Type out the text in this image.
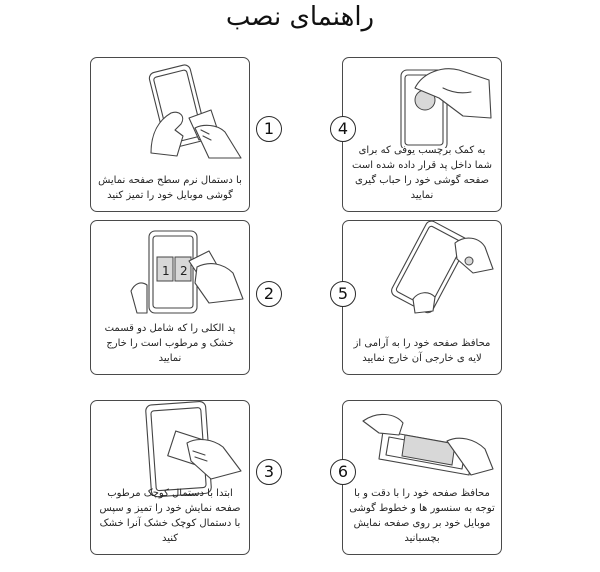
راهنمای نصب
با دستمال نرم سطح صفحه نمایش گوشی موبایل خود را تمیز کنید
1
1 2
پد الکلی را که شامل دو قسمت خشک و مرطوب است را خارج نمایید
2
ابتدا با دستمال کوچک مرطوب صفحه نمایش خود را تمیز و سپس با دستمال کوچک خشک آنرا خشک کنید
3
به کمک برچسب یوفی که برای شما داخل پد قرار داده شده است صفحه گوشی خود را حباب گیری نمایید
4
محافظ صفحه خود را به آرامی از لایه ی خارجی آن خارج نمایید
5
محافظ صفحه خود را با دقت و با توجه به سنسور ها و خطوط گوشی موبایل خود بر روی صفحه نمایش بچسبانید
6
